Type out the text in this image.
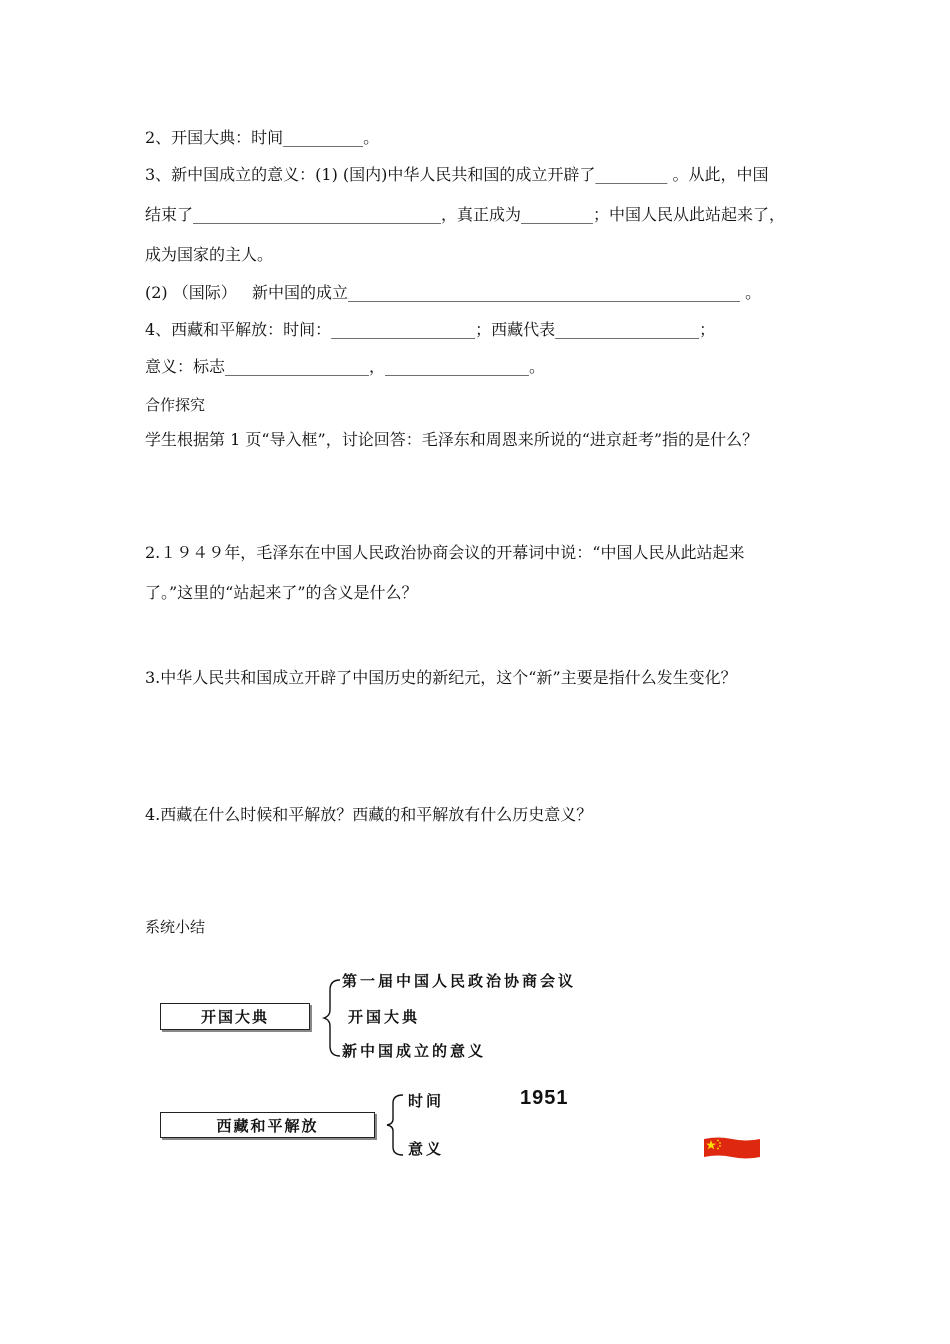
2、开国大典：时间__________。

3、新中国成立的意义：(1) (国内)中华人民共和国的成立开辟了_________ 。从此，中国

结束了_______________________________，真正成为_________；中国人民从此站起来了，

成为国家的主人。

(2) （国际）   新中国的成立_________________________________________________ 。

4、西藏和平解放：时间：__________________；西藏代表__________________；

意义：标志__________________，__________________。

合作探究

学生根据第 1 页“导入框”，讨论回答：毛泽东和周恩来所说的“进京赶考”指的是什么？

2.１９４９年，毛泽东在中国人民政治协商会议的开幕词中说：“中国人民从此站起来

了。”这里的“站起来了”的含义是什么？

3.中华人民共和国成立开辟了中国历史的新纪元，这个“新”主要是指什么发生变化？

4.西藏在什么时候和平解放？西藏的和平解放有什么历史意义？

系统小结

开国大典
第一届中国人民政治协商会议
开国大典
新中国成立的意义
西藏和平解放
时间	1951
意义
